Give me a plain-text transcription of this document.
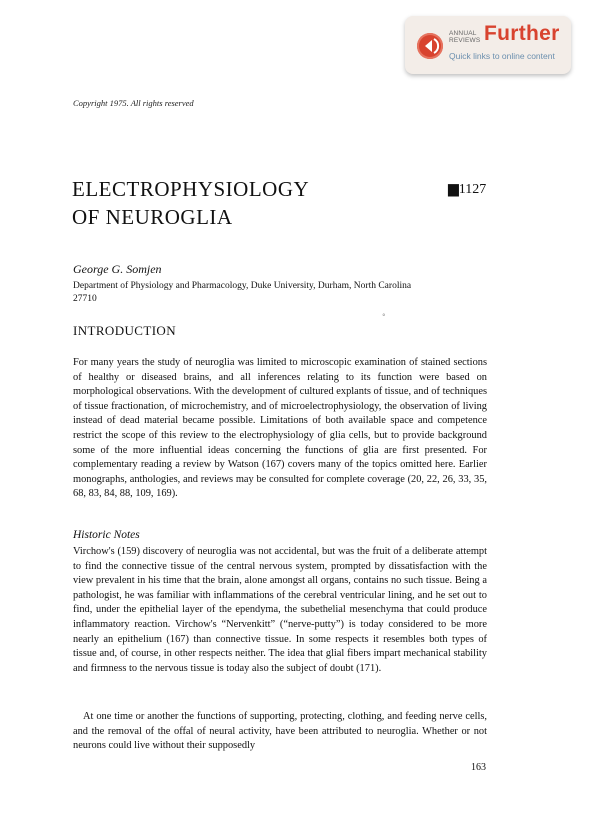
ANNUAL
REVIEWS Further
Quick links to online content
Copyright 1975. All rights reserved
ELECTROPHYSIOLOGY
OF NEUROGLIA
▆1127
George G. Somjen
Department of Physiology and Pharmacology, Duke University, Durham, North Carolina 27710
°
INTRODUCTION
For many years the study of neuroglia was limited to microscopic examination of stained sections of healthy or diseased brains, and all inferences relating to its function were based on morphological observations. With the development of cultured explants of tissue, and of techniques of tissue fractionation, of microchemistry, and of microelectrophysiology, the observation of living instead of dead material became possible. Limitations of both available space and competence restrict the scope of this review to the electrophysiology of glia cells, but to provide background some of the more influential ideas concerning the functions of glia are first presented. For complementary reading a review by Watson (167) covers many of the topics omitted here. Earlier monographs, anthologies, and reviews may be consulted for complete coverage (20, 22, 26, 33, 35, 68, 83, 84, 88, 109, 169).
Historic Notes
Virchow's (159) discovery of neuroglia was not accidental, but was the fruit of a deliberate attempt to find the connective tissue of the central nervous system, prompted by dissatisfaction with the view prevalent in his time that the brain, alone amongst all organs, contains no such tissue. Being a pathologist, he was familiar with inflammations of the cerebral ventricular lining, and he set out to find, under the epithelial layer of the ependyma, the subethelial mesenchyma that could produce inflammatory reaction. Virchow's “Nervenkitt” (“nerve-putty”) is today considered to be more nearly an epithelium (167) than connective tissue. In some respects it resembles both types of tissue and, of course, in other respects neither. The idea that glial fibers impart mechanical stability and firmness to the nervous tissue is today also the subject of doubt (171).
At one time or another the functions of supporting, protecting, clothing, and feeding nerve cells, and the removal of the offal of neural activity, have been attributed to neuroglia. Whether or not neurons could live without their supposedly
163
